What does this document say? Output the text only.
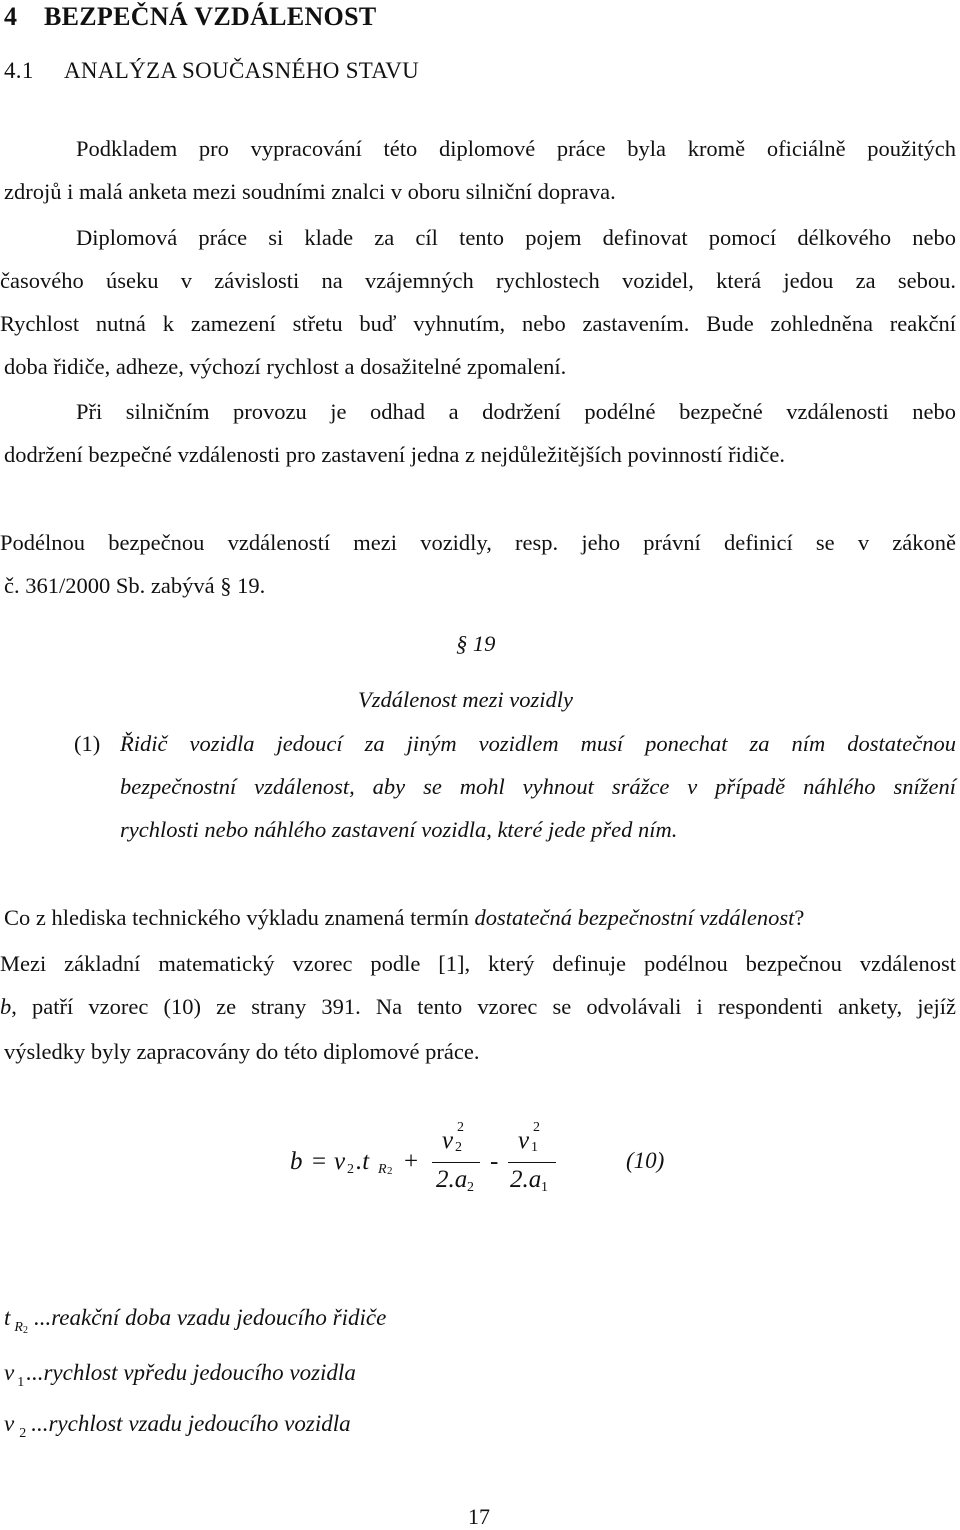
4 BEZPEČNÁ VZDÁLENOST
4.1 ANALÝZA SOUČASNÉHO STAVU
Podkladem pro vypracování této diplomové práce byla kromě oficiálně použitých
zdrojů i malá anketa mezi soudními znalci v oboru silniční doprava.
Diplomová práce si klade za cíl tento pojem definovat pomocí délkového nebo
časového úseku v závislosti na vzájemných rychlostech vozidel, která jedou za sebou.
Rychlost nutná k zamezení střetu buď vyhnutím, nebo zastavením. Bude zohledněna reakční
doba řidiče, adheze, výchozí rychlost a dosažitelné zpomalení.
Při silničním provozu je odhad a dodržení podélné bezpečné vzdálenosti nebo
dodržení bezpečné vzdálenosti pro zastavení jedna z nejdůležitějších povinností řidiče.
Podélnou bezpečnou vzdáleností mezi vozidly, resp. jeho právní definicí se v zákoně
č. 361/2000 Sb. zabývá § 19.
§ 19
Vzdálenost mezi vozidly
(1) Řidič vozidla jedoucí za jiným vozidlem musí ponechat za ním dostatečnou
bezpečnostní vzdálenost, aby se mohl vyhnout srážce v případě náhlého snížení
rychlosti nebo náhlého zastavení vozidla, které jede před ním.
Co z hlediska technického výkladu znamená termín dostatečná bezpečnostní vzdálenost?
Mezi základní matematický vzorec podle [1], který definuje podélnou bezpečnou vzdálenost
b, patří vzorec (10) ze strany 391. Na tento vzorec se odvolávali i respondenti ankety, jejíž
výsledky byly zapracovány do této diplomové práce.
b = v 2 .t R 2 +
v 2
2
2.a 2
-
v 1
2
2.a 1
(10)
t $_{R2}$...reakční doba vzadu jedoucího řidiče
v $_1$...rychlost vpředu jedoucího vozidla
v $_2$ ...rychlost vzadu jedoucího vozidla
17
